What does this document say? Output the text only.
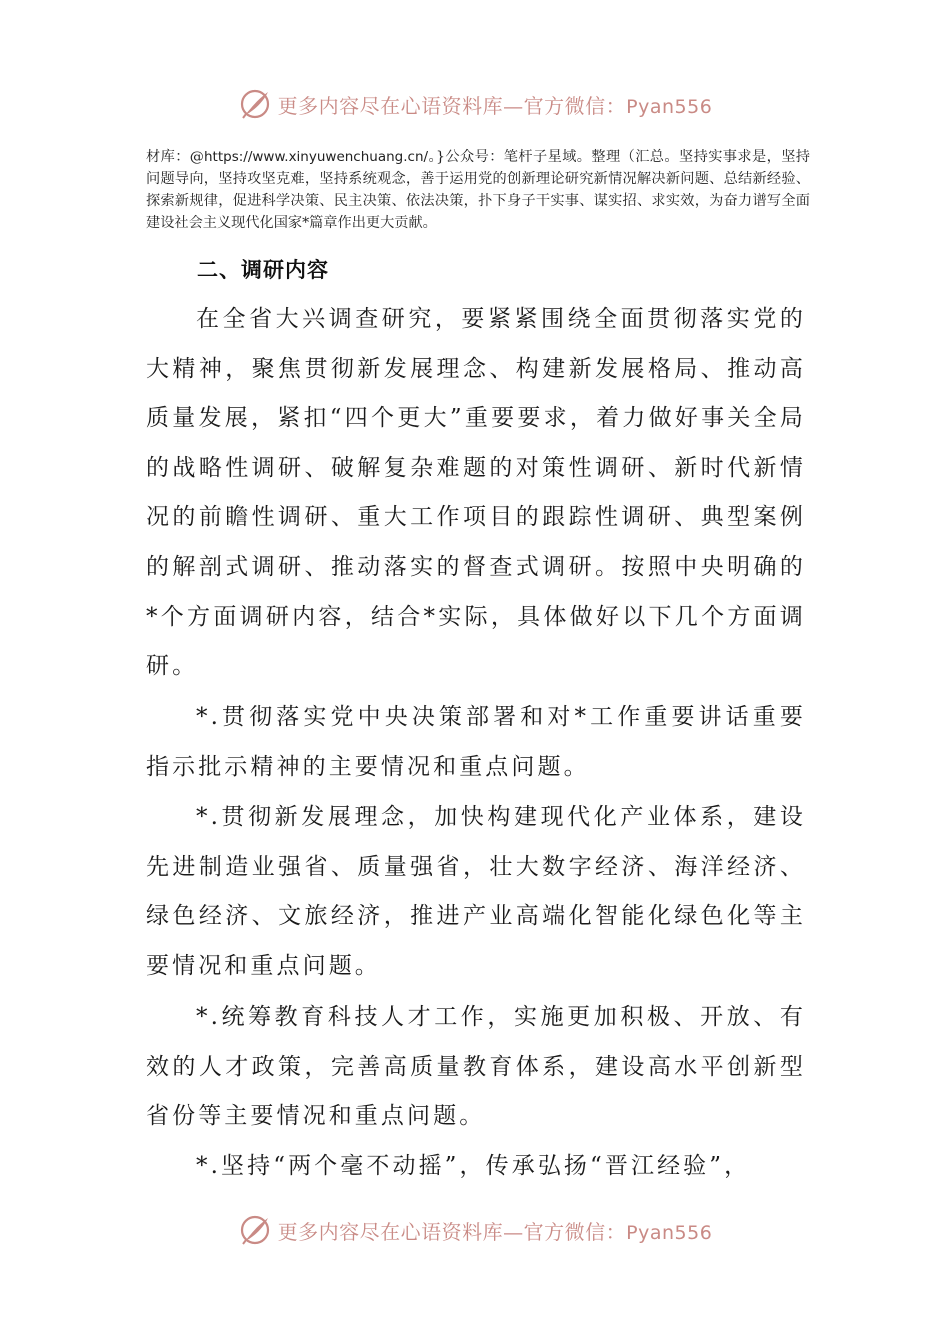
更多内容尽在心语资料库—官方微信：Pyan556
材库：@https://www.xinyuwenchuang.cn/。}公众号：笔杆子星域。整理（汇总。坚持实事求是，坚持问题导向，坚持攻坚克难，坚持系统观念，善于运用党的创新理论研究新情况解决新问题、总结新经验、探索新规律，促进科学决策、民主决策、依法决策，扑下身子干实事、谋实招、求实效，为奋力谱写全面建设社会主义现代化国家*篇章作出更大贡献。
二、调研内容
在全省大兴调查研究，要紧紧围绕全面贯彻落实党的大精神，聚焦贯彻新发展理念、构建新发展格局、推动高质量发展，紧扣“四个更大”重要要求，着力做好事关全局的战略性调研、破解复杂难题的对策性调研、新时代新情况的前瞻性调研、重大工作项目的跟踪性调研、典型案例的解剖式调研、推动落实的督查式调研。按照中央明确的*个方面调研内容，结合*实际，具体做好以下几个方面调研。
*.贯彻落实党中央决策部署和对*工作重要讲话重要指示批示精神的主要情况和重点问题。
*.贯彻新发展理念，加快构建现代化产业体系，建设先进制造业强省、质量强省，壮大数字经济、海洋经济、绿色经济、文旅经济，推进产业高端化智能化绿色化等主要情况和重点问题。
*.统筹教育科技人才工作，实施更加积极、开放、有效的人才政策，完善高质量教育体系，建设高水平创新型省份等主要情况和重点问题。
*.坚持“两个毫不动摇”，传承弘扬“晋江经验”，
更多内容尽在心语资料库—官方微信：Pyan556
